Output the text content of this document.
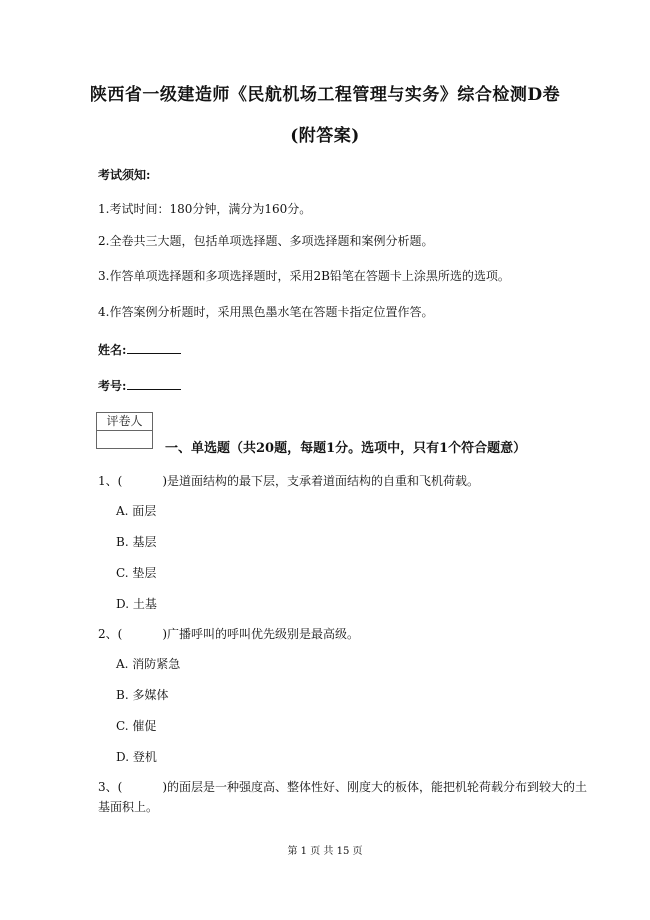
陕西省一级建造师《民航机场工程管理与实务》综合检测D卷
(附答案)
考试须知:
1.考试时间：180分钟，满分为160分。
2.全卷共三大题，包括单项选择题、多项选择题和案例分析题。
3.作答单项选择题和多项选择题时，采用2B铅笔在答题卡上涂黑所选的选项。
4.作答案例分析题时，采用黑色墨水笔在答题卡指定位置作答。
姓名:
考号:
评卷人
一、单选题（共20题，每题1分。选项中，只有1个符合题意）
1、(	)是道面结构的最下层，支承着道面结构的自重和飞机荷载。
A. 面层
B. 基层
C. 垫层
D. 土基
2、(	)广播呼叫的呼叫优先级别是最高级。
A. 消防紧急
B. 多媒体
C. 催促
D. 登机
3、(	)的面层是一种强度高、整体性好、刚度大的板体，能把机轮荷载分布到较大的土
基面积上。
第 1 页 共 15 页
